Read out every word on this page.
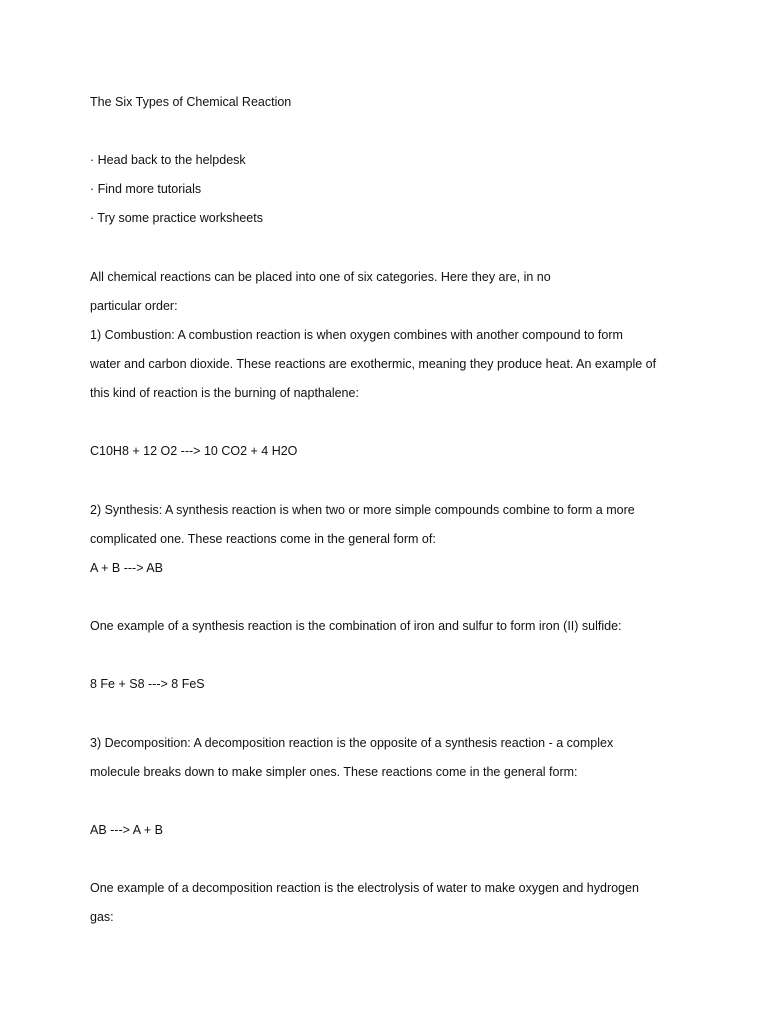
The Six Types of Chemical Reaction
· Head back to the helpdesk
· Find more tutorials
· Try some practice worksheets
All chemical reactions can be placed into one of six categories. Here they are, in no
particular order:
1) Combustion: A combustion reaction is when oxygen combines with another compound to form
water and carbon dioxide. These reactions are exothermic, meaning they produce heat. An example of
this kind of reaction is the burning of napthalene:
C10H8 + 12 O2 ---> 10 CO2 + 4 H2O
2) Synthesis: A synthesis reaction is when two or more simple compounds combine to form a more
complicated one. These reactions come in the general form of:
A + B ---> AB
One example of a synthesis reaction is the combination of iron and sulfur to form iron (II) sulfide:
8 Fe + S8 ---> 8 FeS
3) Decomposition: A decomposition reaction is the opposite of a synthesis reaction - a complex
molecule breaks down to make simpler ones. These reactions come in the general form:
AB ---> A + B
One example of a decomposition reaction is the electrolysis of water to make oxygen and hydrogen
gas:
